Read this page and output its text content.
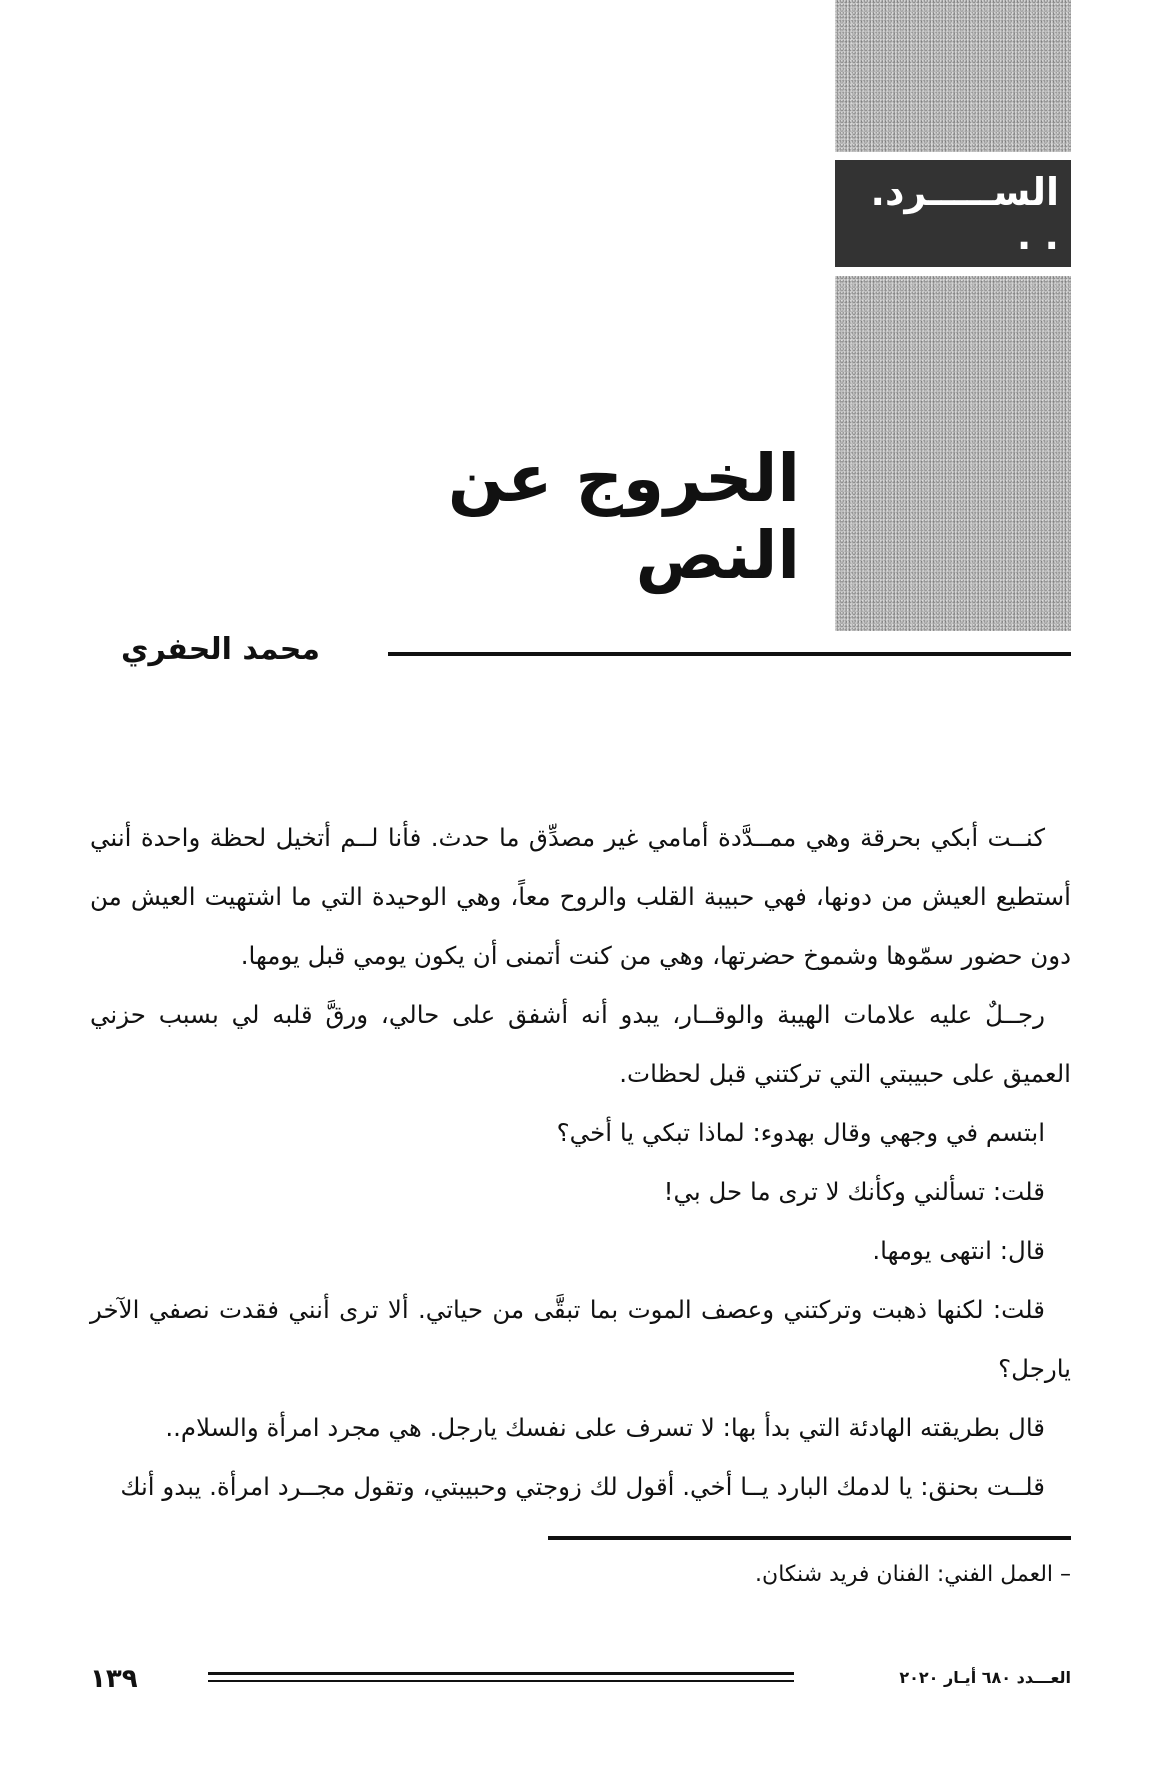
الســـــرد. . .
الخروج عن النص
محمد الحفري

كنــت أبكي بحرقة وهي ممــدَّدة أمامي غير مصدِّق ما حدث. فأنا لــم أتخيل لحظة واحدة أنني أستطيع العيش من دونها، فهي حبيبة القلب والروح معاً، وهي الوحيدة التي ما اشتهيت العيش من دون حضور سمّوها وشموخ حضرتها، وهي من كنت أتمنى أن يكون يومي قبل يومها.

رجــلٌ عليه علامات الهيبة والوقــار، يبدو أنه أشفق على حالي، ورقَّ قلبه لي بسبب حزني العميق على حبيبتي التي تركتني قبل لحظات.

ابتسم في وجهي وقال بهدوء: لماذا تبكي يا أخي؟

قلت: تسألني وكأنك لا ترى ما حل بي!

قال: انتهى يومها.

قلت: لكنها ذهبت وتركتني وعصف الموت بما تبقَّى من حياتي. ألا ترى أنني فقدت نصفي الآخر يارجل؟

قال بطريقته الهادئة التي بدأ بها: لا تسرف على نفسك يارجل. هي مجرد امرأة والسلام..

قلــت بحنق: يا لدمك البارد يــا أخي. أقول لك زوجتي وحبيبتي، وتقول مجــرد امرأة. يبدو أنك

– العمل الفني: الفنان فريد شنكان.
١٣٩	العـــدد ٦٨٠ أيـار ٢٠٢٠
